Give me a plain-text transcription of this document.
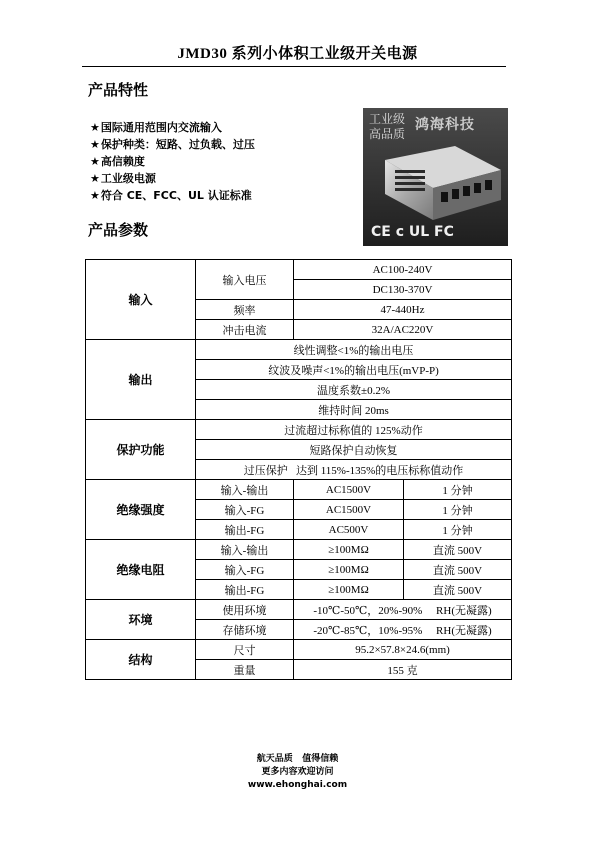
JMD30 系列小体积工业级开关电源
产品特性
★国际通用范围内交流输入
★保护种类：短路、过负载、过压
★高信赖度
★工业级电源
★符合 CE、FCC、UL 认证标准
工业级
高品质
鸿海科技
CE c UL FC
产品参数
输入	输入电压	AC100-240V	
		DC130-370V	
	频率	47-440Hz	
	冲击电流	32A/AC220V	
输出	线性调整<1%的输出电压		
	纹波及噪声<1%的输出电压(mVP-P)		
	温度系数±0.2%		
	维持时间 20ms		
保护功能	过流超过标称值的 125%动作		
	短路保护自动恢复		
	过压保护   达到 115%-135%的电压标称值动作		
绝缘强度	输入-输出	AC1500V	1 分钟
	输入-FG	AC1500V	1 分钟
	输出-FG	AC500V	1 分钟
绝缘电阻	输入-输出	≥100MΩ	直流 500V
	输入-FG	≥100MΩ	直流 500V
	输出-FG	≥100MΩ	直流 500V
环境	使用环境	-10℃-50℃，20%-90%     RH(无凝露)	
	存储环境	-20℃-85℃，10%-95%     RH(无凝露)	
结构	尺寸	95.2×57.8×24.6(mm)	
	重量	155 克	
航天品质   值得信赖
更多内容欢迎访问
www.ehonghai.com
